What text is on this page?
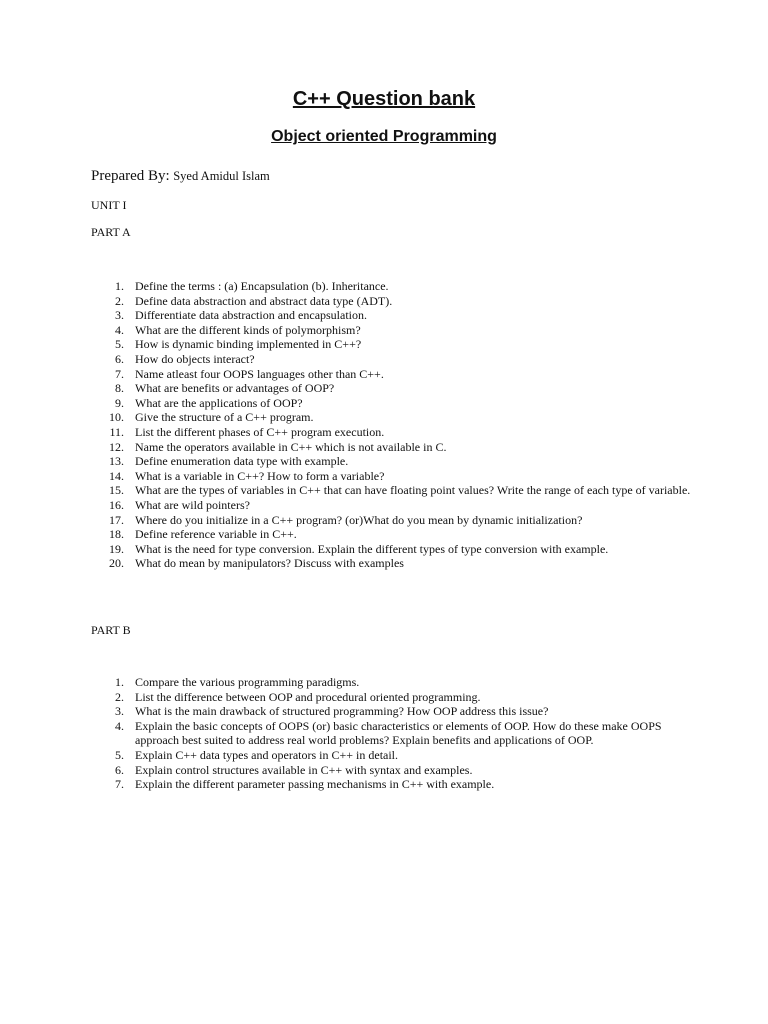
C++ Question bank
Object oriented Programming
Prepared By: Syed Amidul Islam
UNIT I
PART A
1. Define the terms : (a) Encapsulation (b). Inheritance.
2. Define data abstraction and abstract data type (ADT).
3. Differentiate data abstraction and encapsulation.
4. What are the different kinds of polymorphism?
5. How is dynamic binding implemented in C++?
6. How do objects interact?
7. Name atleast four OOPS languages other than C++.
8. What are benefits or advantages of OOP?
9. What are the applications of OOP?
10. Give the structure of a C++ program.
11. List the different phases of C++ program execution.
12. Name the operators available in C++ which is not available in C.
13. Define enumeration data type with example.
14. What is a variable in C++? How to form a variable?
15. What are the types of variables in C++ that can have floating point values? Write the range of each type of variable.
16. What are wild pointers?
17. Where do you initialize in a C++ program? (or)What do you mean by dynamic initialization?
18. Define reference variable in C++.
19. What is the need for type conversion. Explain the different types of type conversion with example.
20. What do mean by manipulators? Discuss with examples
PART B
1. Compare the various programming paradigms.
2. List the difference between OOP and procedural oriented programming.
3. What is the main drawback of structured programming? How OOP address this issue?
4. Explain the basic concepts of OOPS (or) basic characteristics or elements of OOP. How do these make OOPS approach best suited to address real world problems? Explain benefits and applications of OOP.
5. Explain C++ data types and operators in C++ in detail.
6. Explain control structures available in C++ with syntax and examples.
7. Explain the different parameter passing mechanisms in C++ with example.
